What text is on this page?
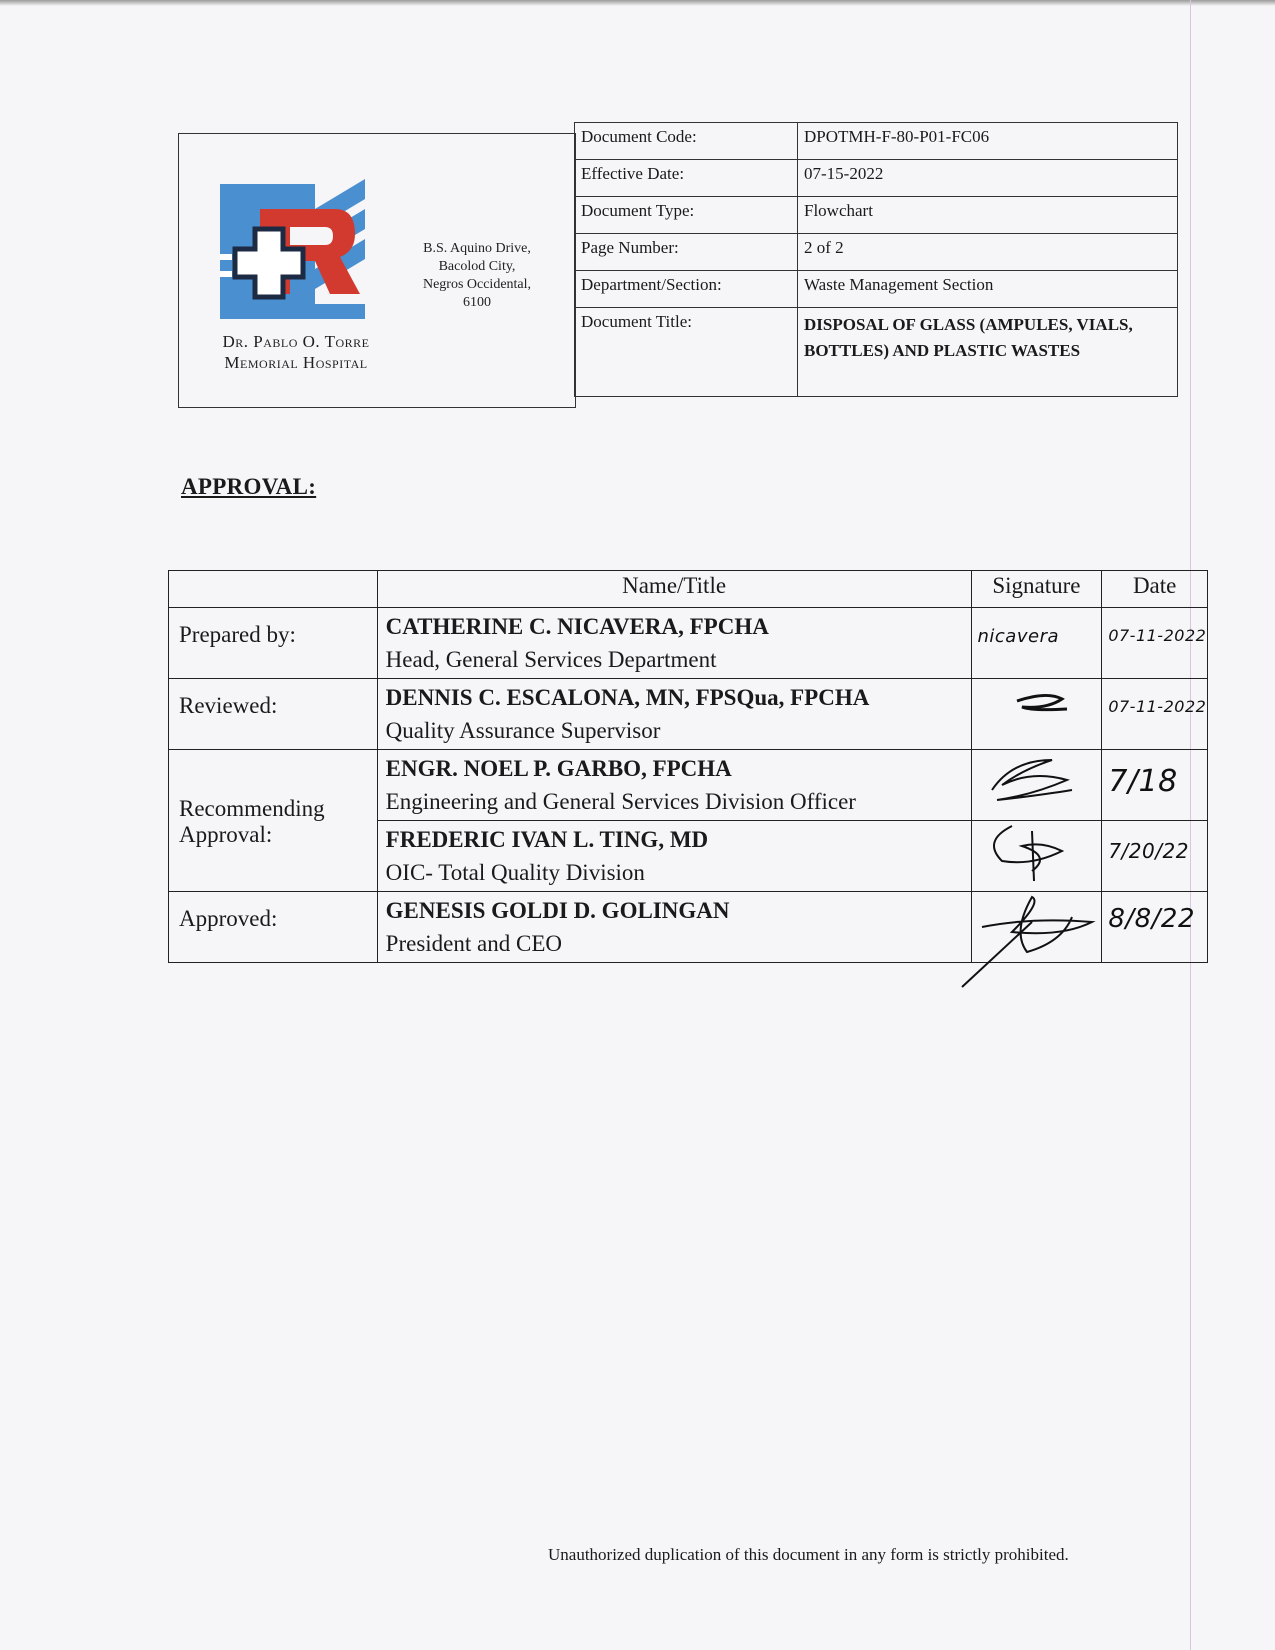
Dr. Pablo O. Torre
Memorial Hospital
B.S. Aquino Drive,
Bacolod City,
Negros Occidental,
6100
Document Code:	DPOTMH-F-80-P01-FC06
Effective Date:	07-15-2022
Document Type:	Flowchart
Page Number:	2 of 2
Department/Section:	Waste Management Section
Document Title:	DISPOSAL OF GLASS (AMPULES, VIALS, BOTTLES) AND PLASTIC WASTES
APPROVAL:
	Name/Title	Signature	Date
Prepared by:	CATHERINE C. NICAVERA, FPCHA
Head, General Services Department	nicavera	07-11-2022

Reviewed:	DENNIS C. ESCALONA, MN, FPSQua, FPCHA
Quality Assurance Supervisor		07-11-2022

Recommending Approval:	ENGR. NOEL P. GARBO, FPCHA
Engineering and General Services Division Officer		7/18

	FREDERIC IVAN L. TING, MD
OIC- Total Quality Division		7/20/22

Approved:	GENESIS GOLDI D. GOLINGAN
President and CEO		8/8/22
Unauthorized duplication of this document in any form is strictly prohibited.
